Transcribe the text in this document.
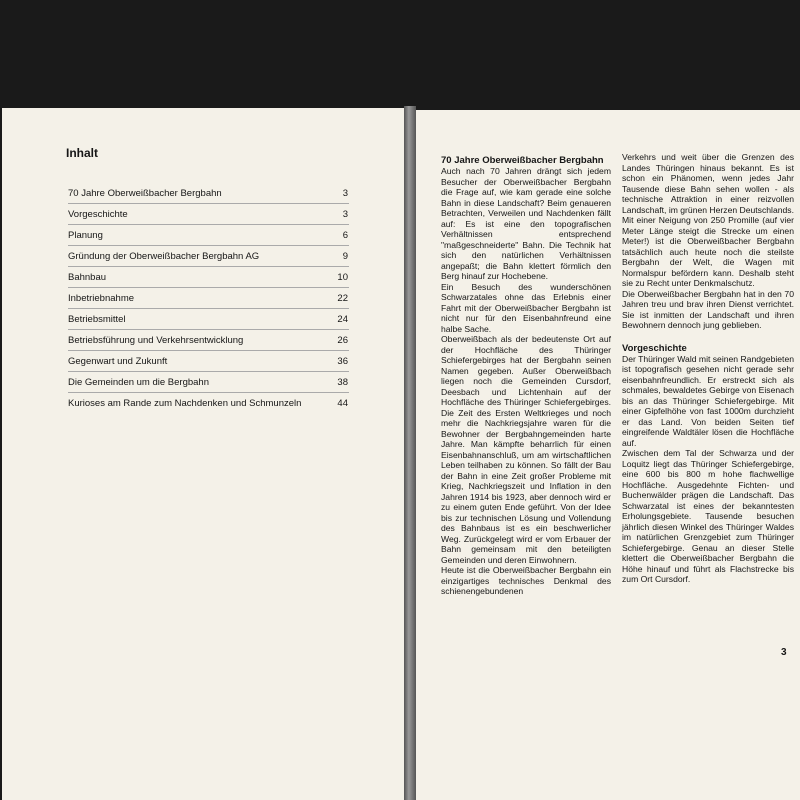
Inhalt
70 Jahre Oberweißbacher Bergbahn	3
Vorgeschichte	3
Planung	6
Gründung der Oberweißbacher Bergbahn AG	9
Bahnbau	10
Inbetriebnahme	22
Betriebsmittel	24
Betriebsführung und Verkehrsentwicklung	26
Gegenwart und Zukunft	36
Die Gemeinden um die Bergbahn	38
Kurioses am Rande zum Nachdenken und Schmunzeln	44

70 Jahre Oberweißbacher Bergbahn

Auch nach 70 Jahren drängt sich jedem Besucher der Oberweißbacher Bergbahn die Frage auf, wie kam gerade eine solche Bahn in diese Landschaft? Beim genaueren Betrachten, Verweilen und Nachdenken fällt auf: Es ist eine den topografischen Verhältnissen entsprechend "maßgeschneiderte" Bahn. Die Technik hat sich den natürlichen Verhältnissen angepaßt; die Bahn klettert förmlich den Berg hinauf zur Hochebene.

Ein Besuch des wunderschönen Schwarzatales ohne das Erlebnis einer Fahrt mit der Oberweißbacher Bergbahn ist nicht nur für den Eisenbahnfreund eine halbe Sache.

Oberweißbach als der bedeutenste Ort auf der Hochfläche des Thüringer Schiefergebirges hat der Bergbahn seinen Namen gegeben. Außer Oberweißbach liegen noch die Gemeinden Cursdorf, Deesbach und Lichtenhain auf der Hochfläche des Thüringer Schiefergebirges. Die Zeit des Ersten Weltkrieges und noch mehr die Nachkriegsjahre waren für die Bewohner der Bergbahngemeinden harte Jahre. Man kämpfte beharrlich für einen Eisenbahnanschluß, um am wirtschaftlichen Leben teilhaben zu können. So fällt der Bau der Bahn in eine Zeit großer Probleme mit Krieg, Nachkriegszeit und Inflation in den Jahren 1914 bis 1923, aber dennoch wird er zu einem guten Ende geführt. Von der Idee bis zur technischen Lösung und Vollendung des Bahnbaus ist es ein beschwerlicher Weg. Zurückgelegt wird er vom Erbauer der Bahn gemeinsam mit den beteiligten Gemeinden und deren Einwohnern.

Heute ist die Oberweißbacher Bergbahn ein einzigartiges technisches Denkmal des schienengebundenen

Verkehrs und weit über die Grenzen des Landes Thüringen hinaus bekannt. Es ist schon ein Phänomen, wenn jedes Jahr Tausende diese Bahn sehen wollen - als technische Attraktion in einer reizvollen Landschaft, im grünen Herzen Deutschlands.

Mit einer Neigung von 250 Promille (auf vier Meter Länge steigt die Strecke um einen Meter!) ist die Oberweißbacher Bergbahn tatsächlich auch heute noch die steilste Bergbahn der Welt, die Wagen mit Normalspur befördern kann. Deshalb steht sie zu Recht unter Denkmalschutz.

Die Oberweißbacher Bergbahn hat in den 70 Jahren treu und brav ihren Dienst verrichtet. Sie ist inmitten der Landschaft und ihren Bewohnern dennoch jung geblieben.

Vorgeschichte

Der Thüringer Wald mit seinen Randgebieten ist topografisch gesehen nicht gerade sehr eisenbahnfreundlich. Er erstreckt sich als schmales, bewaldetes Gebirge von Eisenach bis an das Thüringer Schiefergebirge. Mit einer Gipfelhöhe von fast 1000m durchzieht er das Land. Von beiden Seiten tief eingreifende Waldtäler lösen die Hochfläche auf.

Zwischen dem Tal der Schwarza und der Loquitz liegt das Thüringer Schiefergebirge, eine 600 bis 800 m hohe flachwellige Hochfläche. Ausgedehnte Fichten- und Buchenwälder prägen die Landschaft. Das Schwarzatal ist eines der bekanntesten Erholungsgebiete. Tausende besuchen jährlich diesen Winkel des Thüringer Waldes im natürlichen Grenzgebiet zum Thüringer Schiefergebirge. Genau an dieser Stelle klettert die Oberweißbacher Bergbahn die Höhe hinauf und führt als Flachstrecke bis zum Ort Cursdorf.

3
